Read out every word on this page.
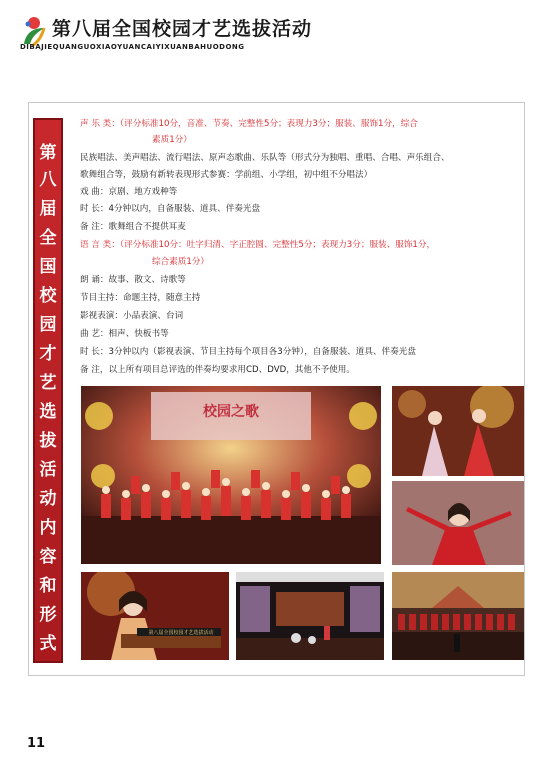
第八届全国校园才艺选拔活动
DIBAJIEQUANGUOXIAOYUANCAIYIXUANBAHUODONG
第
八
届
全
国
校
园
才
艺
选
拔
活
动
内
容
和
形
式
声 乐 类：（评分标准10分，音准、节奏、完整性5分；表现力3分；服装、服饰1分，综合
素质1分）
民族唱法、美声唱法、流行唱法、原声态歌曲、乐队等（形式分为独唱、重唱、合唱、声乐组合、
歌舞组合等，鼓励有新转表现形式参赛：学前组、小学组，初中组不分唱法）
戏 曲：京剧、地方戏种等
时 长：4分钟以内，自备服装、道具、伴奏光盘
备 注：歌舞组合不提供耳麦
语 言 类：（评分标准10分：吐字归清、字正腔圆、完整性5分；表现力3分；服装、服饰1分，
综合素质1分）
朗 诵：故事、散文、诗歌等
节目主持：命题主持，随意主持
影视表演：小品表演、台词
曲 艺：相声、快板书等
时 长：3分钟以内（影视表演、节目主持每个项目各3分钟），自备服装、道具、伴奏光盘
备 注，以上所有项目总评选的伴奏均要求用CD、DVD，其他不予使用。
校园之歌
第八届全国校园才艺选拔活动
11
